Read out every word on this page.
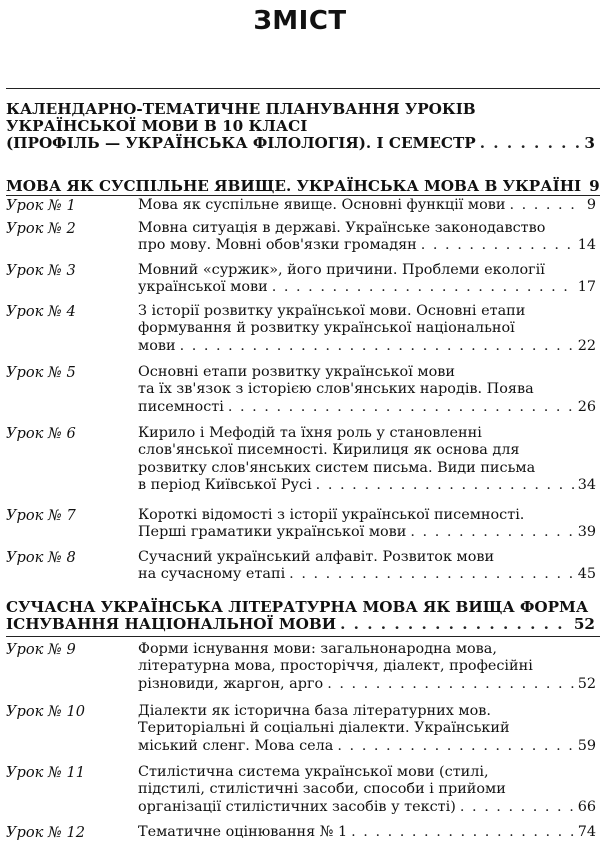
ЗМІСТ
КАЛЕНДАРНО-ТЕМАТИЧНЕ ПЛАНУВАННЯ УРОКІВ
УКРАЇНСЬКОЇ МОВИ В 10 КЛАСІ
(ПРОФІЛЬ — УКРАЇНСЬКА ФІЛОЛОГІЯ). І СЕМЕСТР . . .	3
МОВА ЯК СУСПІЛЬНЕ ЯВИЩЕ. УКРАЇНСЬКА МОВА В УКРАЇНІ 9
Урок № 1	Мова як суспільне явище. Основні функції мови . . .	9
Урок № 2	Мовна ситуація в державі. Українське законодавство
про мову. Мовні обов'язки громадян . . .	14
Урок № 3	Мовний «суржик», його причини. Проблеми екології
української мови . . .	17
Урок № 4	З історії розвитку української мови. Основні етапи
формування й розвитку української національної
мови . . .	22
Урок № 5	Основні етапи розвитку української мови
та їх зв'язок з історією слов'янських народів. Поява
писемності . . .	26
Урок № 6	Кирило і Мефодій та їхня роль у становленні
слов'янської писемності. Кирилиця як основа для
розвитку слов'янських систем письма. Види письма
в період Київської Русі . . .	34
Урок № 7	Короткі відомості з історії української писемності.
Перші граматики української мови . . .	39
Урок № 8	Сучасний український алфавіт. Розвиток мови
на сучасному етапі . . .	45
СУЧАСНА УКРАЇНСЬКА ЛІТЕРАТУРНА МОВА ЯК ВИЩА ФОРМА
ІСНУВАННЯ НАЦІОНАЛЬНОЇ МОВИ . . .	52
Урок № 9	Форми існування мови: загальнонародна мова,
літературна мова, просторіччя, діалект, професійні
різновиди, жаргон, арго . . .	52
Урок № 10	Діалекти як історична база літературних мов.
Територіальні й соціальні діалекти. Український
міський сленг. Мова села . . .	59
Урок № 11	Стилістична система української мови (стилі,
підстилі, стилістичні засоби, способи і прийоми
організації стилістичних засобів у тексті) . . .	66
Урок № 12	Тематичне оцінювання № 1 . . .	74
